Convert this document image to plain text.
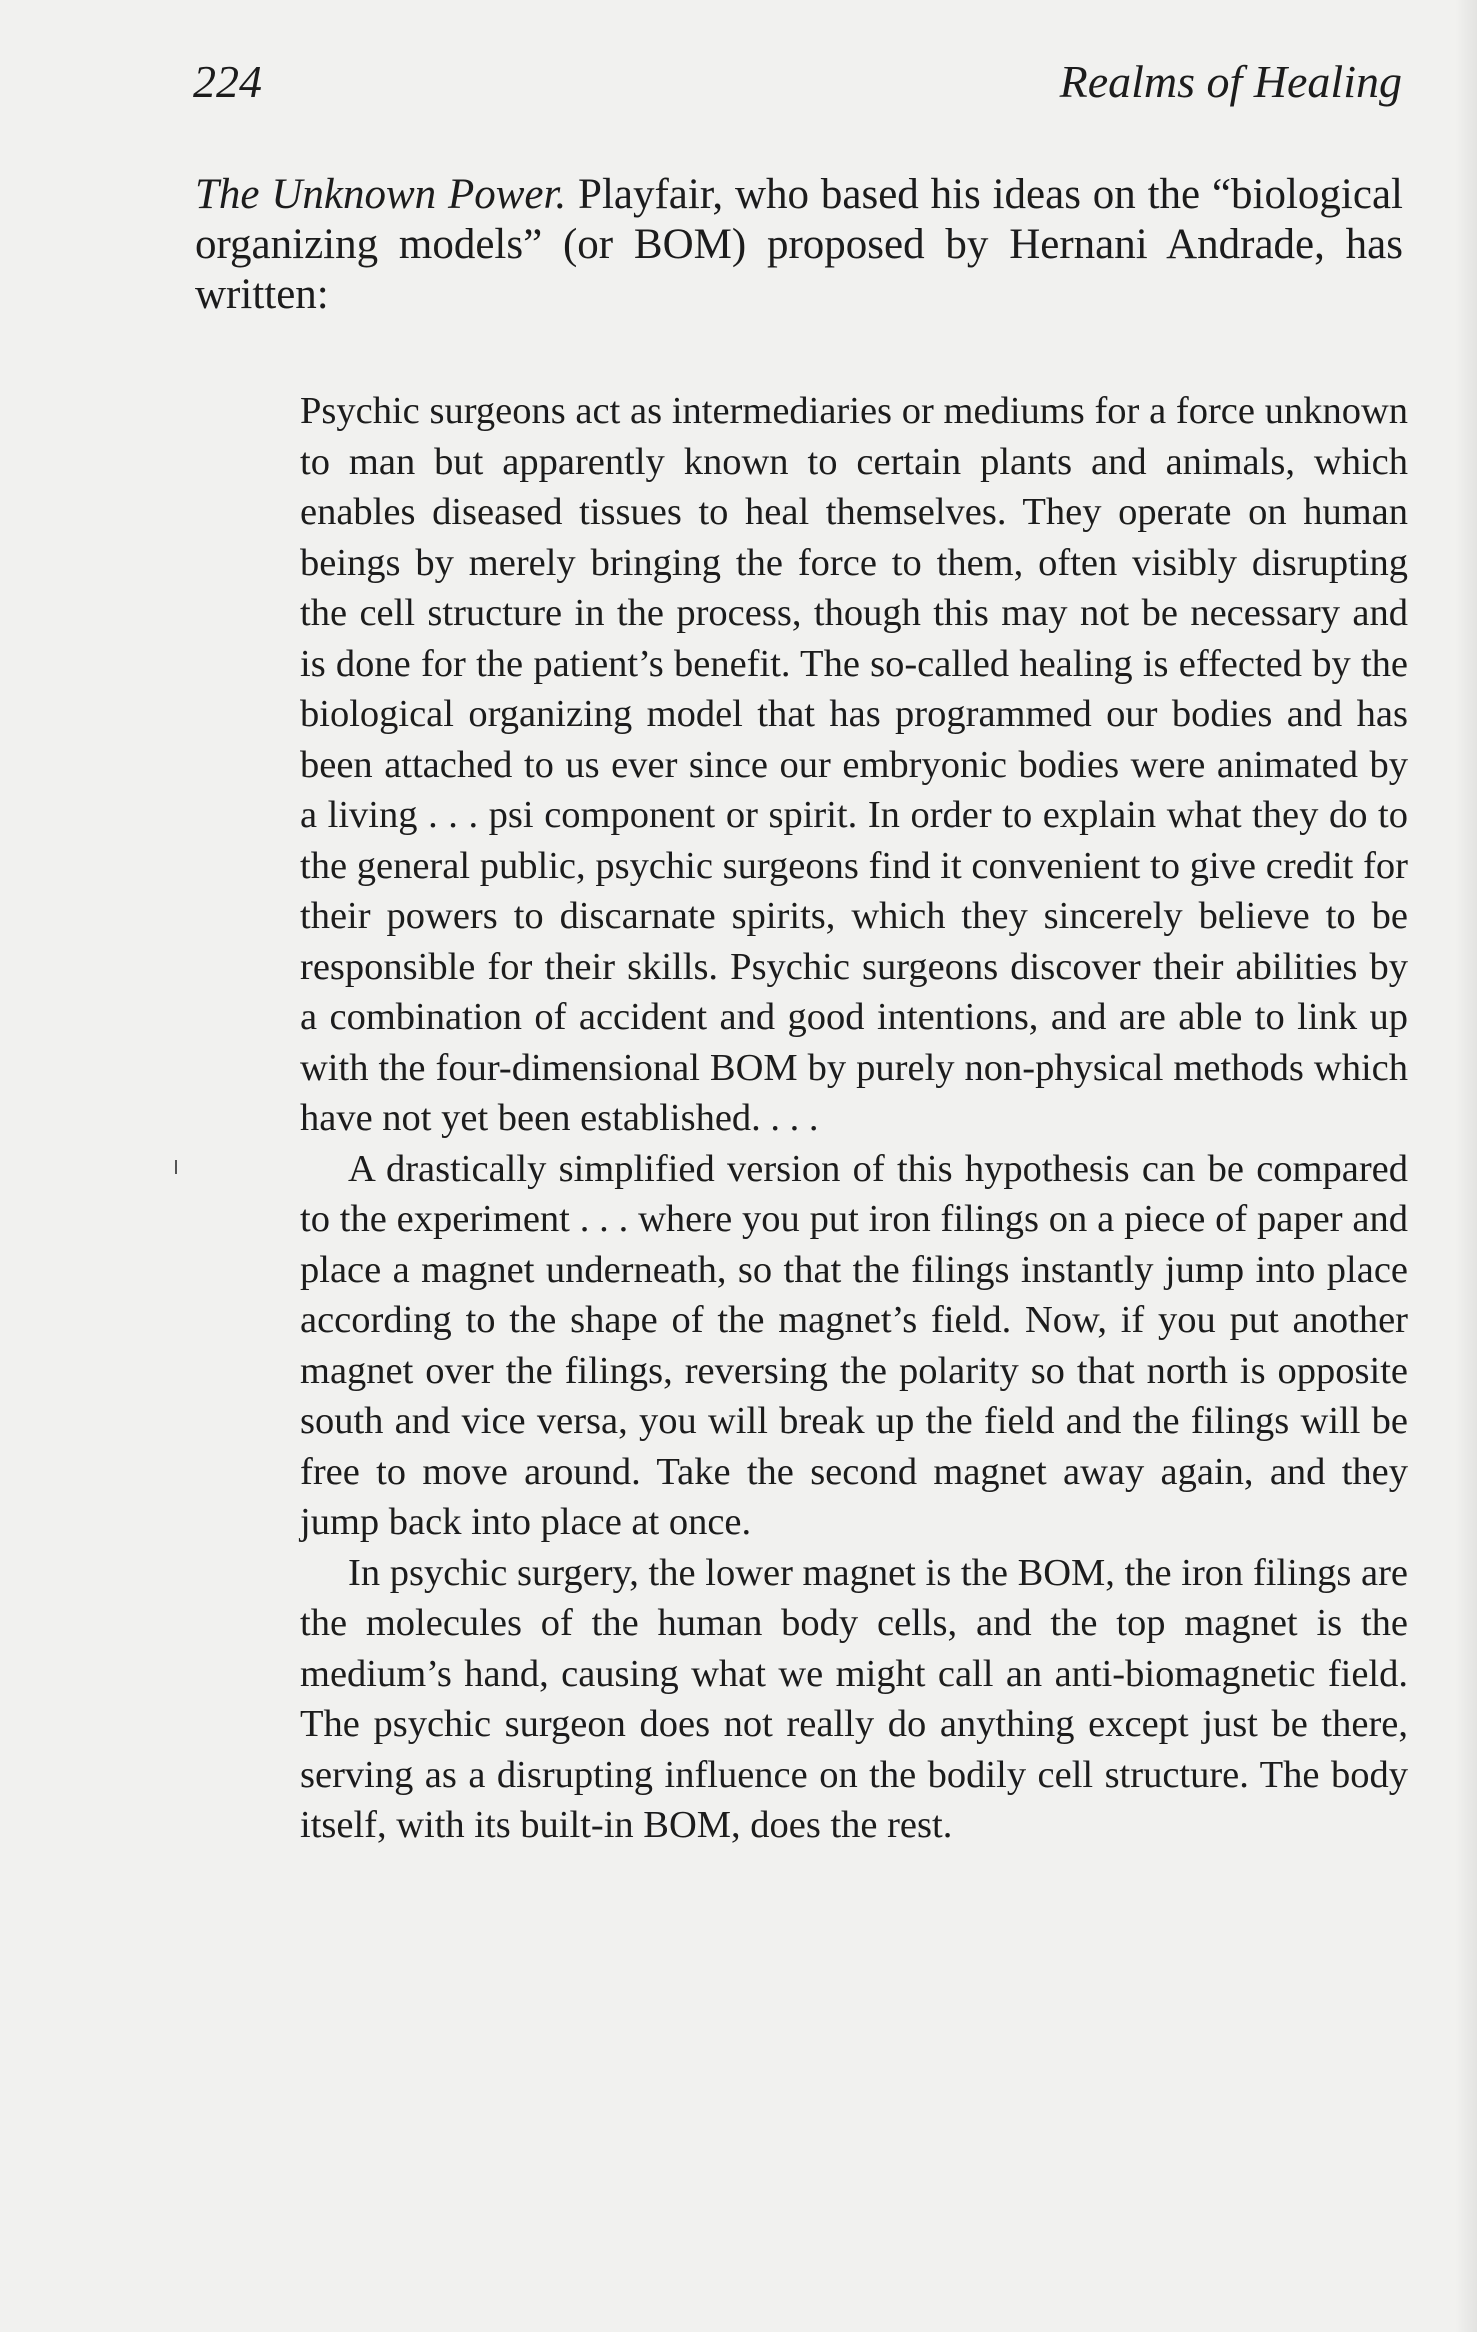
224	Realms of Healing

The Unknown Power. Playfair, who based his ideas on the “biological organizing models” (or BOM) proposed by Hernani Andrade, has written:

Psychic surgeons act as intermediaries or mediums for a force unknown to man but apparently known to certain plants and animals, which enables diseased tissues to heal themselves. They operate on human beings by merely bringing the force to them, often visibly disrupting the cell structure in the process, though this may not be necessary and is done for the patient’s benefit. The so-called healing is effected by the biological organizing model that has programmed our bodies and has been attached to us ever since our embryonic bodies were animated by a living . . . psi component or spirit. In order to explain what they do to the general public, psychic surgeons find it convenient to give credit for their powers to discarnate spirits, which they sincerely believe to be responsible for their skills. Psychic surgeons discover their abilities by a combination of accident and good intentions, and are able to link up with the four-dimensional BOM by purely non-physical methods which have not yet been established. . . .

A drastically simplified version of this hypothesis can be compared to the experiment . . . where you put iron filings on a piece of paper and place a magnet underneath, so that the filings instantly jump into place according to the shape of the magnet’s field. Now, if you put another magnet over the filings, reversing the polarity so that north is opposite south and vice versa, you will break up the field and the filings will be free to move around. Take the second magnet away again, and they jump back into place at once.

In psychic surgery, the lower magnet is the BOM, the iron filings are the molecules of the human body cells, and the top magnet is the medium’s hand, causing what we might call an anti-biomagnetic field. The psychic surgeon does not really do anything except just be there, serving as a disrupting influence on the bodily cell structure. The body itself, with its built-in BOM, does the rest.
